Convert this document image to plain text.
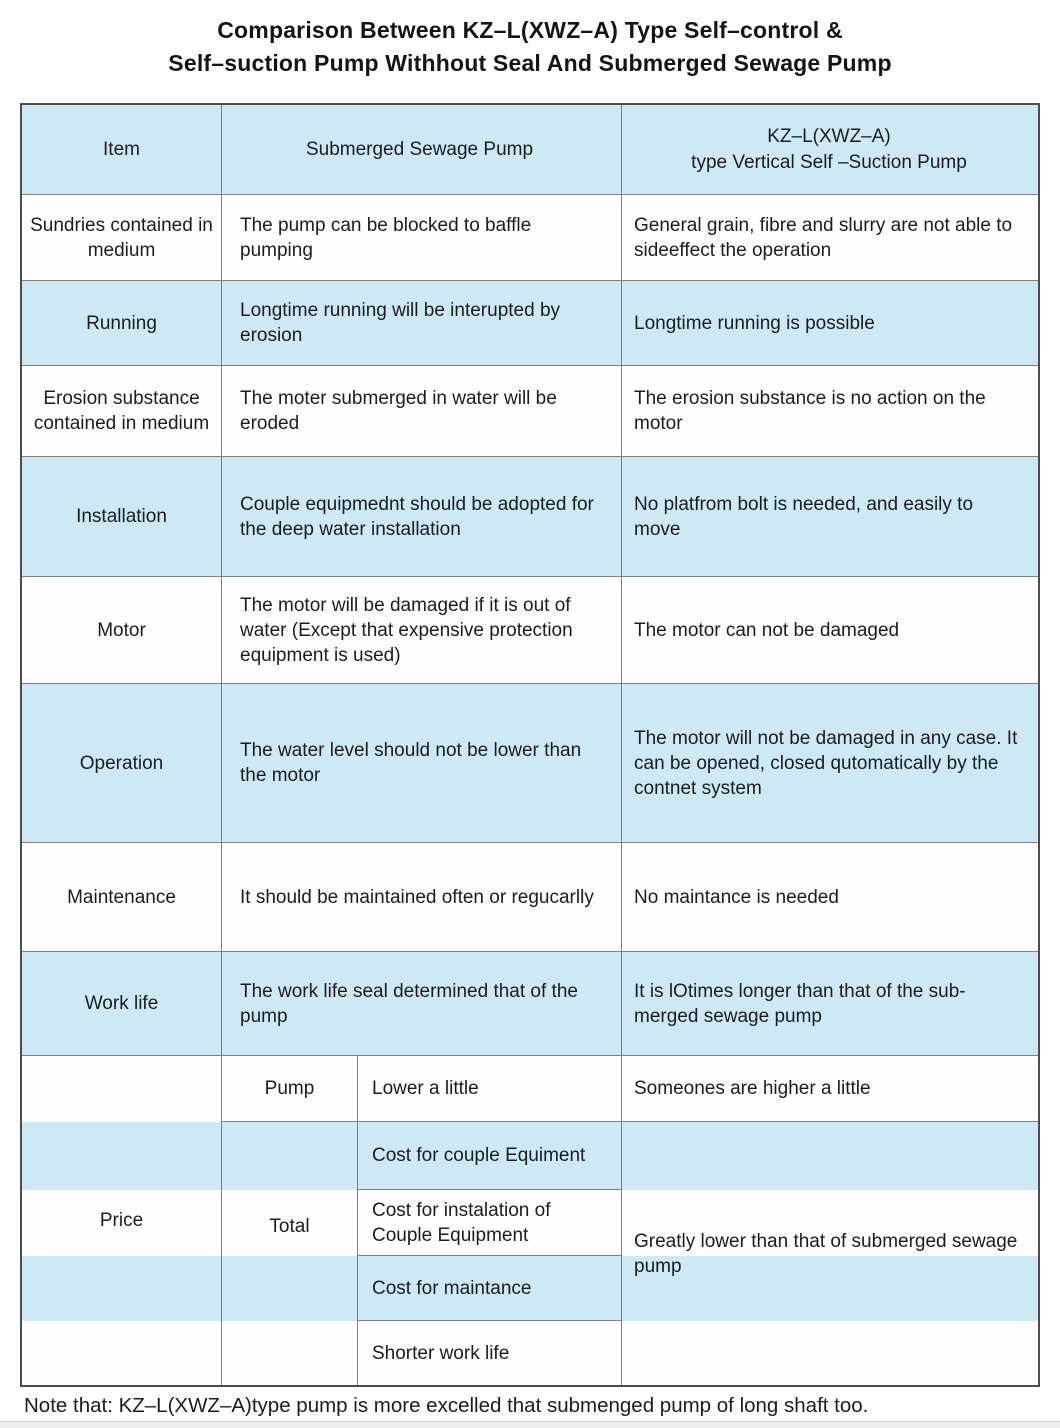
Comparison Between KZ–L(XWZ–A) Type Self–control &
Self–suction Pump Withhout Seal And Submerged Sewage Pump
Item	Submerged Sewage Pump
KZ–L(XWZ–A)
type Vertical Self –Suction Pump
Sundries contained in medium
The pump can be blocked to baffle pumping
General grain, fibre and slurry are not able to sideeffect the operation
Running
Longtime running will be interupted by erosion
Longtime running is possible
Erosion substance contained in medium
The moter submerged in water will be eroded
The erosion substance is no action on the motor
Installation
Couple equipmednt should be adopted for the deep water installation
No platfrom bolt is needed, and easily to move
Motor
The motor will be damaged if it is out of water (Except that expensive protection equipment is used)
The motor can not be damaged
Operation
The water level should not be lower than the motor
The motor will not be damaged in any case. It can be opened, closed qutomatically by the contnet system
Maintenance	It should be maintained often or regucarlly No maintance is needed
Work life
The work life seal determined that of the pump
It is lOtimes longer than that of the sub-merged sewage pump
Price
Pump
Total
Lower a little
Cost for couple Equiment
Cost for instalation of Couple Equipment
Cost for maintance
Shorter work life
Someones are higher a little
Greatly lower than that of submerged sewage pump
Note that: KZ–L(XWZ–A)type pump is more excelled that submenged pump of long shaft too.
